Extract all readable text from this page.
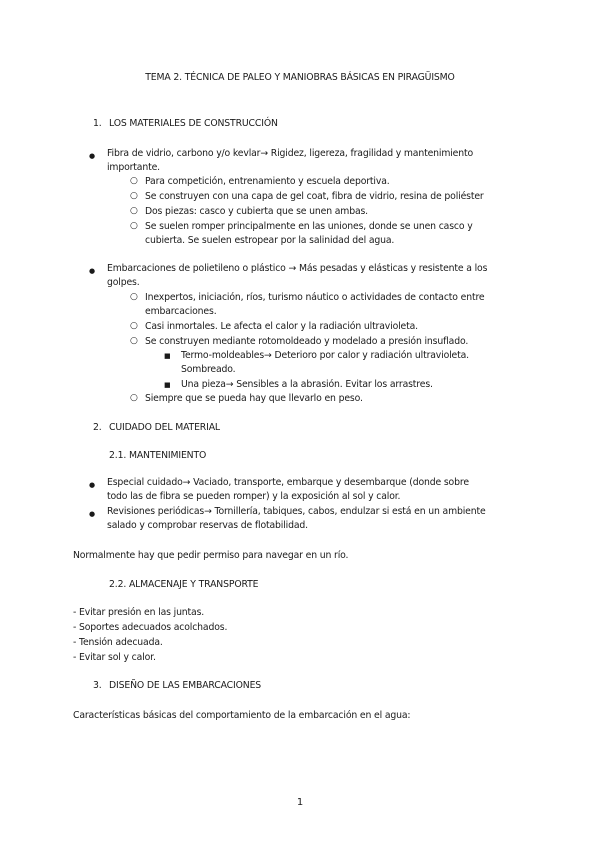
TEMA 2. TÉCNICA DE PALEO Y MANIOBRAS BÁSICAS EN PIRAGÜISMO

1. LOS MATERIALES DE CONSTRUCCIÓN
●
Fibra de vidrio, carbono y/o kevlar→ Rigidez, ligereza, fragilidad y mantenimiento
importante.
○ Para competición, entrenamiento y escuela deportiva.
○ Se construyen con una capa de gel coat, fibra de vidrio, resina de poliéster
○ Dos piezas: casco y cubierta que se unen ambas.
○ Se suelen romper principalmente en las uniones, donde se unen casco y
cubierta. Se suelen estropear por la salinidad del agua.
●
Embarcaciones de polietileno o plástico → Más pesadas y elásticas y resistente a los
golpes.
○ Inexpertos, iniciación, ríos, turismo náutico o actividades de contacto entre
embarcaciones.
○ Casi inmortales. Le afecta el calor y la radiación ultravioleta.
○ Se construyen mediante rotomoldeado y modelado a presión insuflado.
■ Termo-moldeables→ Deterioro por calor y radiación ultravioleta.
Sombreado.
■ Una pieza→ Sensibles a la abrasión. Evitar los arrastres.
○ Siempre que se pueda hay que llevarlo en peso.
2. CUIDADO DEL MATERIAL
2.1. MANTENIMIENTO
●
Especial cuidado→ Vaciado, transporte, embarque y desembarque (donde sobre
todo las de fibra se pueden romper) y la exposición al sol y calor.
●
Revisiones periódicas→ Tornillería, tabiques, cabos, endulzar si está en un ambiente
salado y comprobar reservas de flotabilidad.
Normalmente hay que pedir permiso para navegar en un río.
2.2. ALMACENAJE Y TRANSPORTE
- Evitar presión en las juntas.
- Soportes adecuados acolchados.
- Tensión adecuada.
- Evitar sol y calor.
3. DISEÑO DE LAS EMBARCACIONES
Características básicas del comportamiento de la embarcación en el agua:

1
